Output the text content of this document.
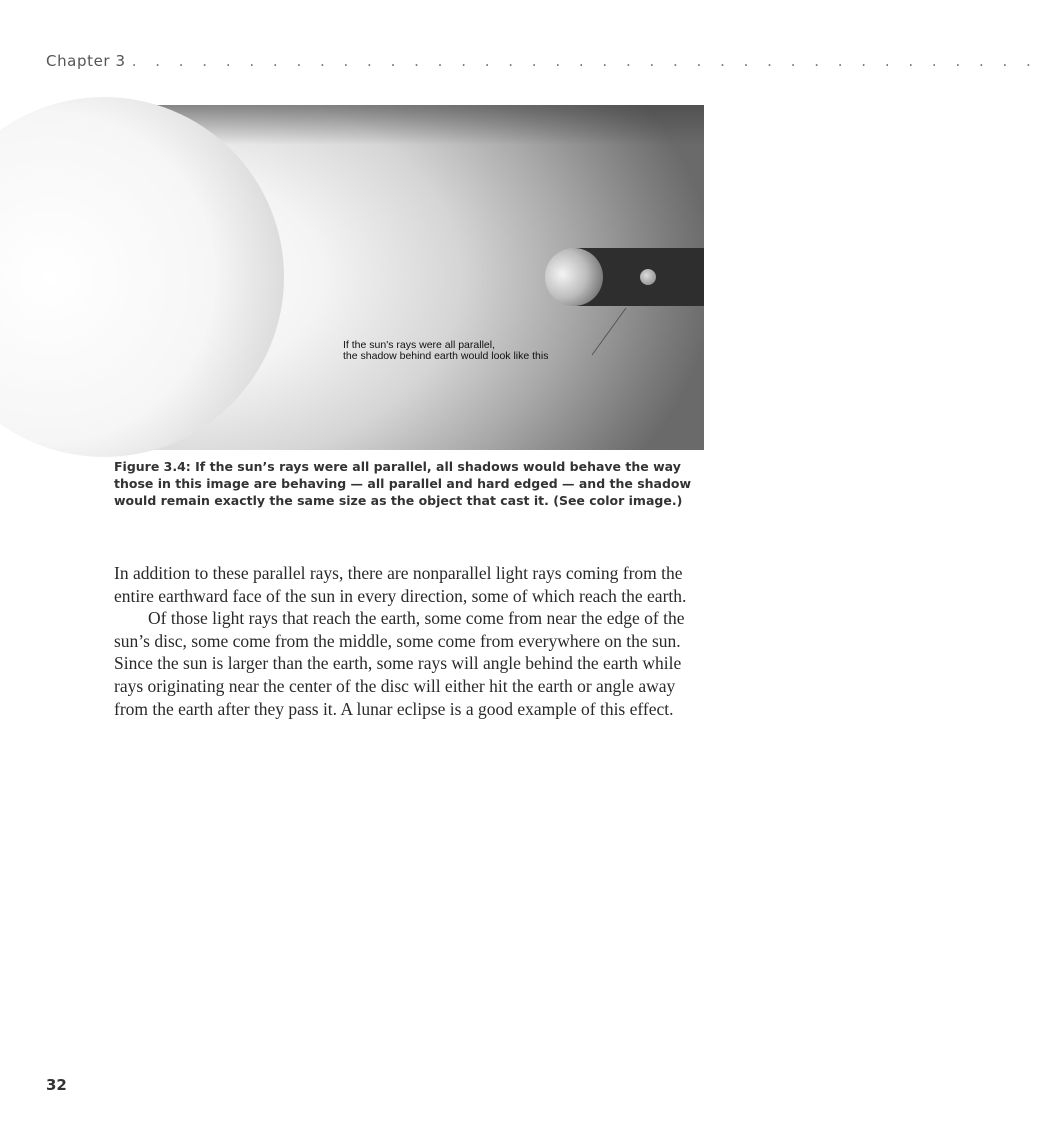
Chapter 3 . . . . . . . . . . . . . . . . . . . . . . . . . . . . . . . . . . . . . . .
If the sun's rays were all parallel,
the shadow behind earth would look like this
Figure 3.4: If the sun’s rays were all parallel, all shadows would behave the way those in this image are behaving — all parallel and hard edged — and the shadow would remain exactly the same size as the object that cast it. (See color image.)

In addition to these parallel rays, there are nonparallel light rays coming from the entire earthward face of the sun in every direction, some of which reach the earth.

Of those light rays that reach the earth, some come from near the edge of the sun’s disc, some come from the middle, some come from everywhere on the sun. Since the sun is larger than the earth, some rays will angle behind the earth while rays originating near the center of the disc will either hit the earth or angle away from the earth after they pass it. A lunar eclipse is a good example of this effect.

32
